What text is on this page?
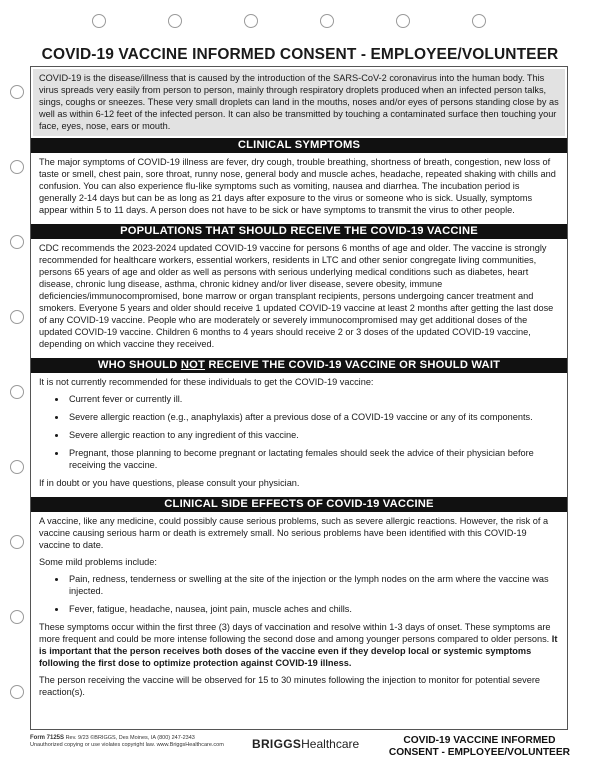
COVID-19 VACCINE INFORMED CONSENT - EMPLOYEE/VOLUNTEER
COVID-19 is the disease/illness that is caused by the introduction of the SARS-CoV-2 coronavirus into the human body. This virus spreads very easily from person to person, mainly through respiratory droplets produced when an infected person talks, sings, coughs or sneezes. These very small droplets can land in the mouths, noses and/or eyes of persons standing close by as well as within 6-12 feet of the infected person. It can also be transmitted by touching a contaminated surface then touching your face, eyes, nose, ears or mouth.
CLINICAL SYMPTOMS

The major symptoms of COVID-19 illness are fever, dry cough, trouble breathing, shortness of breath, congestion, new loss of taste or smell, chest pain, sore throat, runny nose, general body and muscle aches, headache, repeated shaking with chills and confusion. You can also experience flu-like symptoms such as vomiting, nausea and diarrhea. The incubation period is generally 2-14 days but can be as long as 21 days after exposure to the virus or someone who is sick. Usually, symptoms appear within 5 to 11 days. A person does not have to be sick or have symptoms to transmit the virus to other people.

POPULATIONS THAT SHOULD RECEIVE THE COVID-19 VACCINE

CDC recommends the 2023-2024 updated COVID-19 vaccine for persons 6 months of age and older. The vaccine is strongly recommended for healthcare workers, essential workers, residents in LTC and other senior congregate living communities, persons 65 years of age and older as well as persons with serious underlying medical conditions such as diabetes, heart disease, chronic lung disease, asthma, chronic kidney and/or liver disease, severe obesity, immune deficiencies/immunocompromised, bone marrow or organ transplant recipients, persons undergoing cancer treatment and smokers. Everyone 5 years and older should receive 1 updated COVID-19 vaccine at least 2 months after getting the last dose of any COVID-19 vaccine. People who are moderately or severely immunocompromised may get additional doses of the updated COVID-19 vaccine. Children 6 months to 4 years should receive 2 or 3 doses of the updated COVID-19 vaccine, depending on which vaccine they received.

WHO SHOULD NOT RECEIVE THE COVID-19 VACCINE OR SHOULD WAIT

It is not currently recommended for these individuals to get the COVID-19 vaccine:

• Current fever or currently ill.
• Severe allergic reaction (e.g., anaphylaxis) after a previous dose of a COVID-19 vaccine or any of its components.
• Severe allergic reaction to any ingredient of this vaccine.
• Pregnant, those planning to become pregnant or lactating females should seek the advice of their physician before receiving the vaccine.

If in doubt or you have questions, please consult your physician.

CLINICAL SIDE EFFECTS OF COVID-19 VACCINE

A vaccine, like any medicine, could possibly cause serious problems, such as severe allergic reactions. However, the risk of a vaccine causing serious harm or death is extremely small. No serious problems have been identified with this COVID-19 vaccine to date.

Some mild problems include:

• Pain, redness, tenderness or swelling at the site of the injection or the lymph nodes on the arm where the vaccine was injected.
• Fever, fatigue, headache, nausea, joint pain, muscle aches and chills.

These symptoms occur within the first three (3) days of vaccination and resolve within 1-3 days of onset. These symptoms are more frequent and could be more intense following the second dose and among younger persons compared to older persons. It is important that the person receives both doses of the vaccine even if they develop local or systemic symptoms following the first dose to optimize protection against COVID-19 illness.

The person receiving the vaccine will be observed for 15 to 30 minutes following the injection to monitor for potential severe reaction(s).

Form 7125S Rev. 9/23 ©BRIGGS, Des Moines, IA (800) 247-2343
Unauthorized copying or use violates copyright law. www.BriggsHealthcare.com BRIGGSHealthcare	COVID-19 VACCINE INFORMED
CONSENT - EMPLOYEE/VOLUNTEER
